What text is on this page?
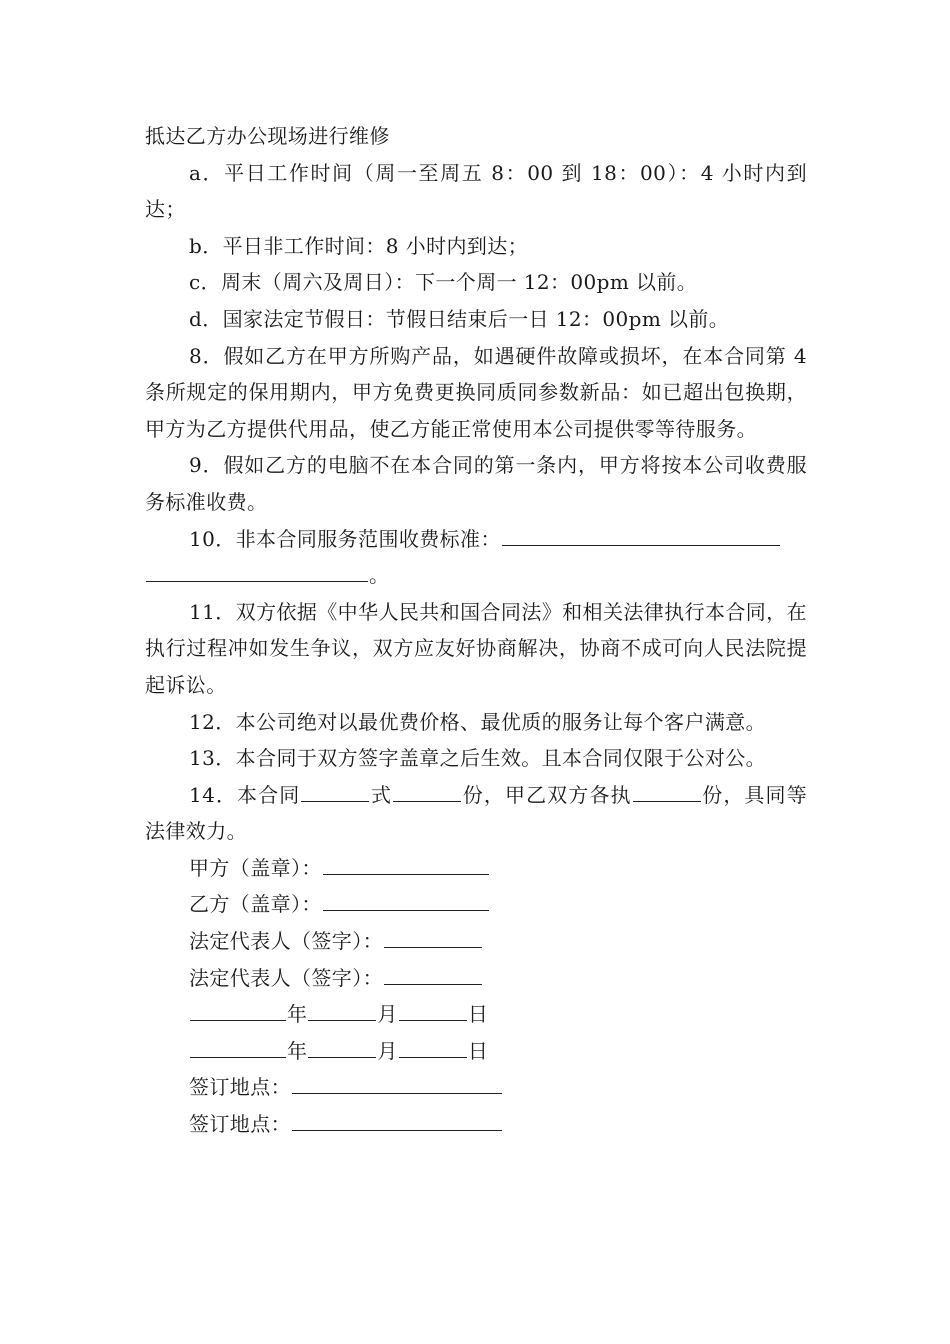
抵达乙方办公现场进行维修

a．平日工作时间（周一至周五 8：00 到 18：00）：4 小时内到达；

b．平日非工作时间：8 小时内到达；

c．周末（周六及周日）：下一个周一 12：00pm 以前。

d．国家法定节假日：节假日结束后一日 12：00pm 以前。

8．假如乙方在甲方所购产品，如遇硬件故障或损坏，在本合同第 4 条所规定的保用期内，甲方免费更换同质同参数新品：如已超出包换期，甲方为乙方提供代用品，使乙方能正常使用本公司提供零等待服务。

9．假如乙方的电脑不在本合同的第一条内，甲方将按本公司收费服务标准收费。

10．非本合同服务范围收费标准：

。

11．双方依据《中华人民共和国合同法》和相关法律执行本合同，在执行过程冲如发生争议，双方应友好协商解决，协商不成可向人民法院提起诉讼。

12．本公司绝对以最优费价格、最优质的服务让每个客户满意。

13．本合同于双方签字盖章之后生效。且本合同仅限于公对公。

14．本合同	式	份，甲乙双方各执	份，具同等法律效力。

甲方（盖章）：

乙方（盖章）：

法定代表人（签字）：

法定代表人（签字）：

年	月	日

年	月	日

签订地点：

签订地点：
